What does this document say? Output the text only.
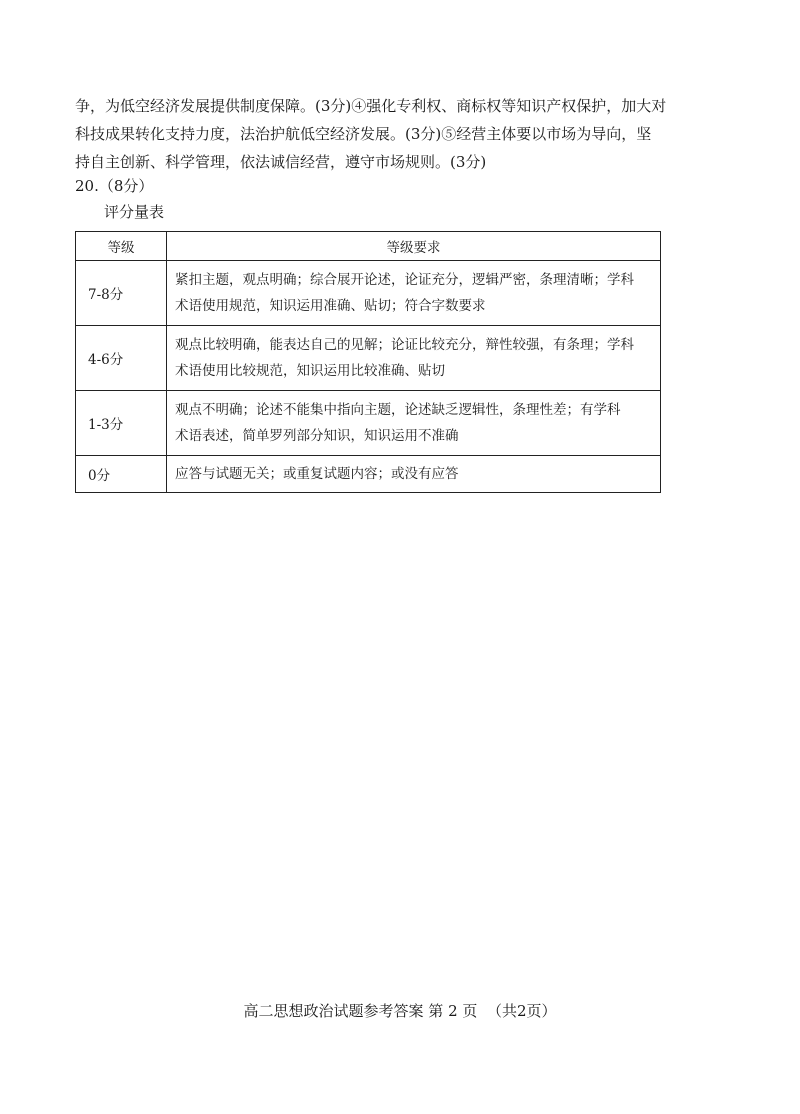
争，为低空经济发展提供制度保障。(3分)④强化专利权、商标权等知识产权保护，加大对
科技成果转化支持力度，法治护航低空经济发展。(3分)⑤经营主体要以市场为导向，坚
持自主创新、科学管理，依法诚信经营，遵守市场规则。(3分)

20.（8分）

评分量表

等级	等级要求
7-8分	紧扣主题，观点明确；综合展开论述，论证充分，逻辑严密，条理清晰；学科
术语使用规范，知识运用准确、贴切；符合字数要求

4-6分	观点比较明确，能表达自己的见解；论证比较充分，辩性较强，有条理；学科
术语使用比较规范，知识运用比较准确、贴切

1-3分	观点不明确；论述不能集中指向主题，论述缺乏逻辑性，条理性差；有学科
术语表述，简单罗列部分知识，知识运用不准确

0分	应答与试题无关；或重复试题内容；或没有应答

高二思想政治试题参考答案 第 2 页 （共2页）
